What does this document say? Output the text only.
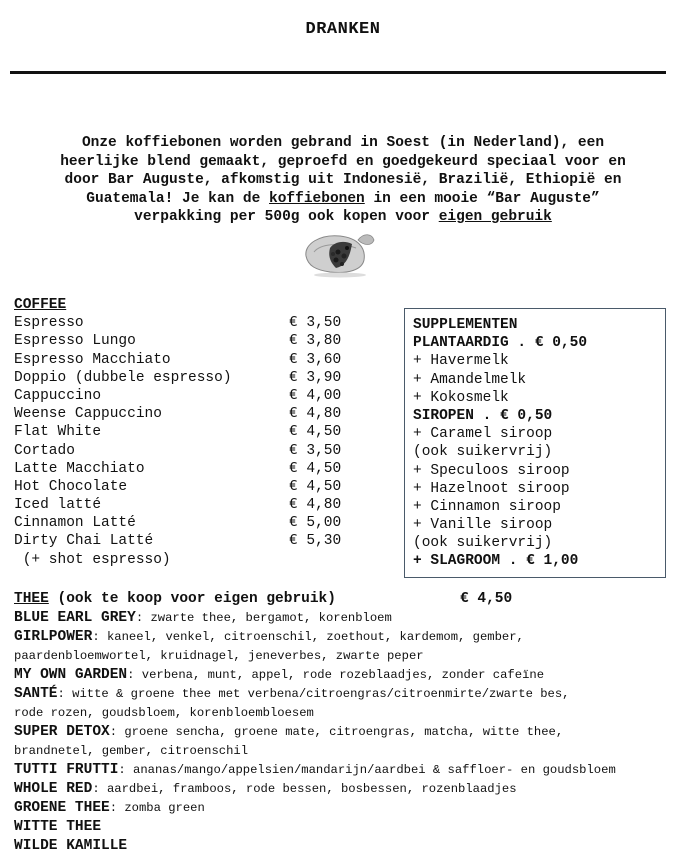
DRANKEN
Onze koffiebonen worden gebrand in Soest (in Nederland), een
heerlijke blend gemaakt, geproefd en goedgekeurd speciaal voor en
door Bar Auguste, afkomstig uit Indonesië, Brazilië, Ethiopië en
Guatemala! Je kan de koffiebonen in een mooie “Bar Auguste”
verpakking per 500g ook kopen voor eigen gebruik
COFFEE
Espresso	€ 3,50
Espresso Lungo	€ 3,80
Espresso Macchiato	€ 3,60
Doppio (dubbele espresso)	€ 3,90
Cappuccino	€ 4,00
Weense Cappuccino	€ 4,80
Flat White	€ 4,50
Cortado	€ 3,50
Latte Macchiato	€ 4,50
Hot Chocolate	€ 4,50
Iced latté	€ 4,80
Cinnamon Latté	€ 5,00
Dirty Chai Latté	€ 5,30
(+ shot espresso)
SUPPLEMENTEN
PLANTAARDIG . € 0,50
+ Havermelk
+ Amandelmelk
+ Kokosmelk
SIROPEN . € 0,50
+ Caramel siroop
(ook suikervrij)
+ Speculoos siroop
+ Hazelnoot siroop
+ Cinnamon siroop
+ Vanille siroop
(ook suikervrij)
+ SLAGROOM . € 1,00
THEE (ook te koop voor eigen gebruik)	€ 4,50
BLUE EARL GREY: zwarte thee, bergamot, korenbloem
GIRLPOWER: kaneel, venkel, citroenschil, zoethout, kardemom, gember,
paardenbloemwortel, kruidnagel, jeneverbes, zwarte peper
MY OWN GARDEN: verbena, munt, appel, rode rozeblaadjes, zonder cafeïne
SANTÉ: witte & groene thee met verbena/citroengras/citroenmirte/zwarte bes,
rode rozen, goudsbloem, korenbloembloesem
SUPER DETOX: groene sencha, groene mate, citroengras, matcha, witte thee,
brandnetel, gember, citroenschil
TUTTI FRUTTI: ananas/mango/appelsien/mandarijn/aardbei & saffloer- en goudsbloem
WHOLE RED: aardbei, framboos, rode bessen, bosbessen, rozenblaadjes
GROENE THEE: zomba green
WITTE THEE
WILDE KAMILLE
